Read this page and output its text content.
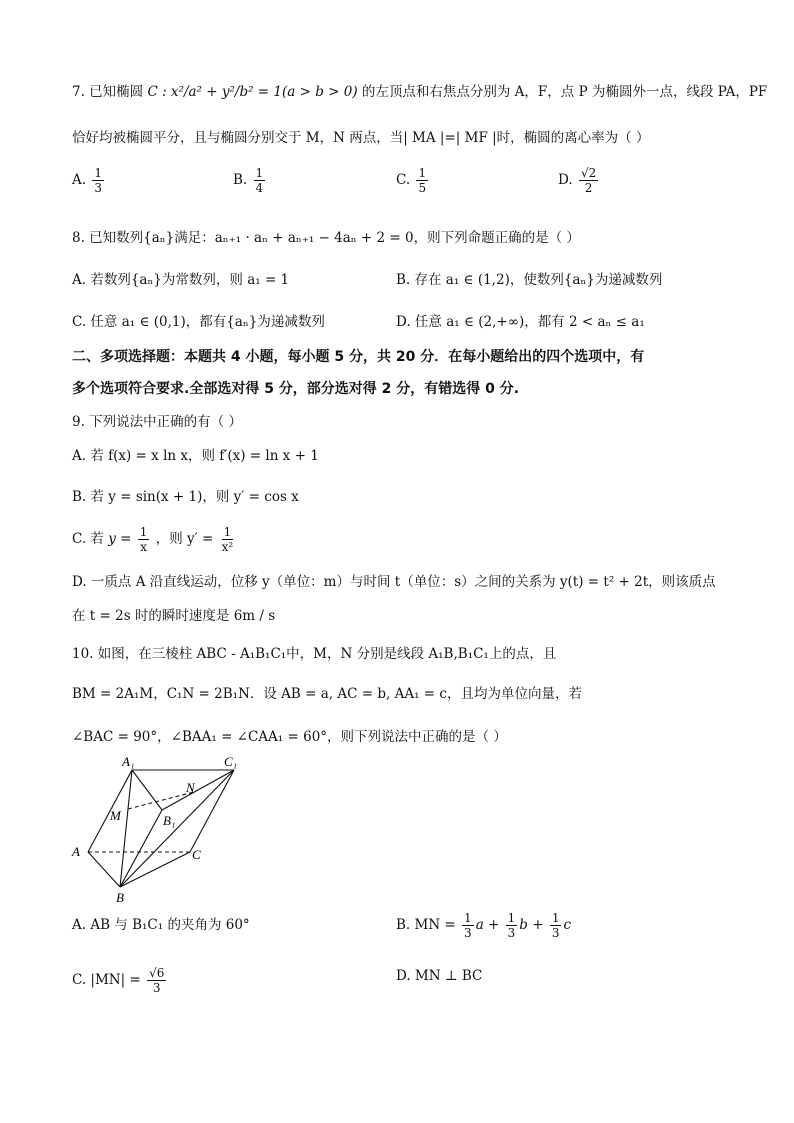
7. 已知椭圆 C : x²/a² + y²/b² = 1(a > b > 0) 的左顶点和右焦点分别为 A，F，点 P 为椭圆外一点，线段 PA，PF
恰好均被椭圆平分，且与椭圆分别交于 M，N 两点，当| MA |=| MF |时，椭圆的离心率为（ ）
A. $\frac{1}{3}$	B. $\frac{1}{4}$	C. $\frac{1}{5}$	D. $\frac{√2}{2}$
8. 已知数列{aₙ}满足：aₙ₊₁ · aₙ + aₙ₊₁ − 4aₙ + 2 = 0，则下列命题正确的是（ ）
A. 若数列{aₙ}为常数列，则 a₁ = 1	B. 存在 a₁ ∈ (1,2)，使数列{aₙ}为递减数列
C. 任意 a₁ ∈ (0,1)，都有{aₙ}为递减数列	D. 任意 a₁ ∈ (2,+∞)，都有 2 < aₙ ≤ a₁
二、多项选择题：本题共 4 小题，每小题 5 分，共 20 分．在每小题给出的四个选项中，有
多个选项符合要求.全部选对得 5 分，部分选对得 2 分，有错选得 0 分.
9. 下列说法中正确的有（ ）
A. 若 f(x) = x ln x，则 f′(x) = ln x + 1
B. 若 y = sin(x + 1)，则 y′ = cos x
C. 若 $y = \frac{1}{x}$ ，则 $y' = \frac{1}{\text{x²}}$
D. 一质点 A 沿直线运动，位移 y（单位：m）与时间 t（单位：s）之间的关系为 y(t) = t² + 2t，则该质点
在 t = 2s 时的瞬时速度是 6m / s
10. 如图，在三棱柱 ABC - A₁B₁C₁中，M，N 分别是线段 A₁B,B₁C₁上的点，且
BM = 2A₁M，C₁N = 2B₁N．设 AB = a, AC = b, AA₁ = c，且均为单位向量，若
∠BAC = 90°，∠BAA₁ = ∠CAA₁ = 60°，则下列说法中正确的是（ ）
A₁	C₁
N
M	B₁
A	C
B
A. AB 与 B₁C₁ 的夹角为 60°	B. MN = $\frac{1}{3}$ $a + \frac{1}{3}$ $b + \frac{1}{3}$ c
C. $|MN| = \frac{√6}{3}$	D. MN ⊥ BC
